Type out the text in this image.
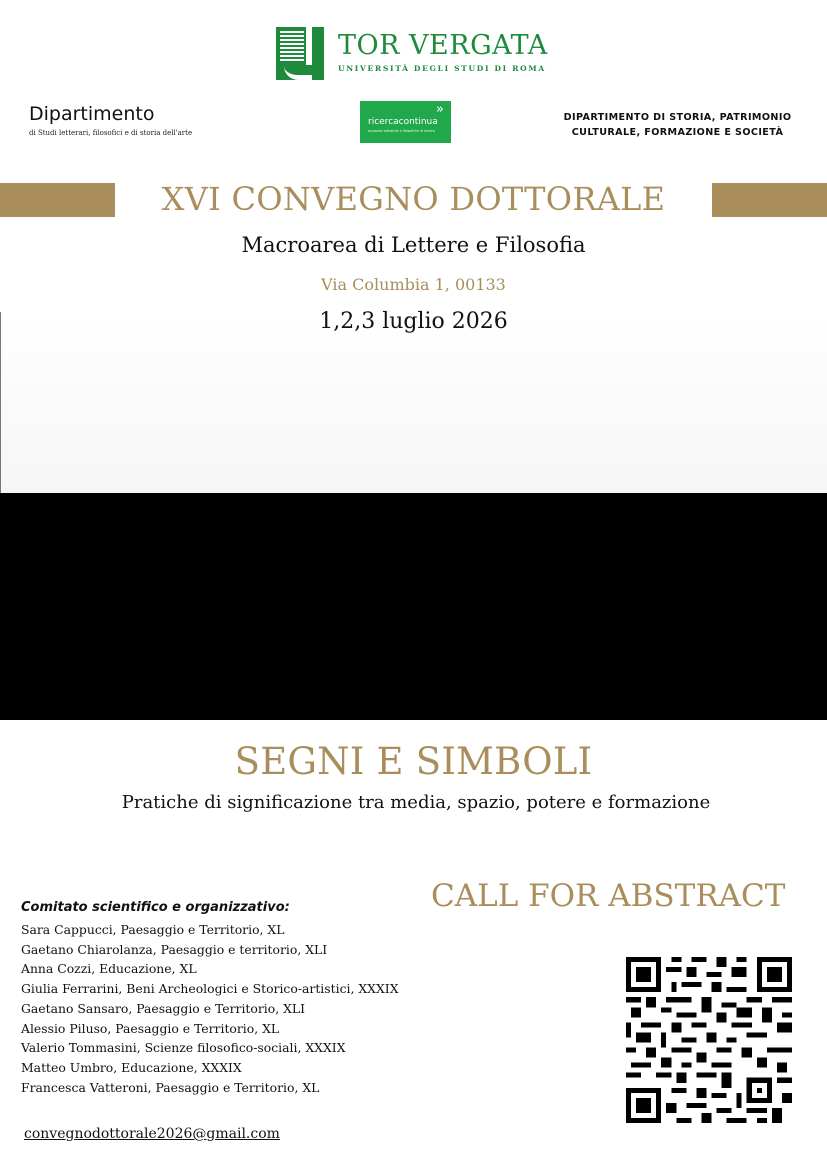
TOR VERGATA
UNIVERSITÀ DEGLI STUDI DI ROMA
Dipartimento
di Studi letterari, filosofici e di storia dell'arte
»
ricercacontinua
occasioni artistiche e filosofiche di ricerca
DIPARTIMENTO DI STORIA, PATRIMONIO
CULTURALE, FORMAZIONE E SOCIETÀ
XVI CONVEGNO DOTTORALE
Macroarea di Lettere e Filosofia
Via Columbia 1, 00133
1,2,3 luglio 2026
SEGNI E SIMBOLI
Pratiche di significazione tra media, spazio, potere e formazione
CALL FOR ABSTRACT
Comitato scientifico e organizzativo:
Sara Cappucci, Paesaggio e Territorio, XL
Gaetano Chiarolanza, Paesaggio e territorio, XLI
Anna Cozzi, Educazione, XL
Giulia Ferrarini, Beni Archeologici e Storico-artistici, XXXIX
Gaetano Sansaro, Paesaggio e Territorio, XLI
Alessio Piluso, Paesaggio e Territorio, XL
Valerio Tommasini, Scienze filosofico-sociali, XXXIX
Matteo Umbro, Educazione, XXXIX
Francesca Vatteroni, Paesaggio e Territorio, XL
convegnodottorale2026@gmail.com
